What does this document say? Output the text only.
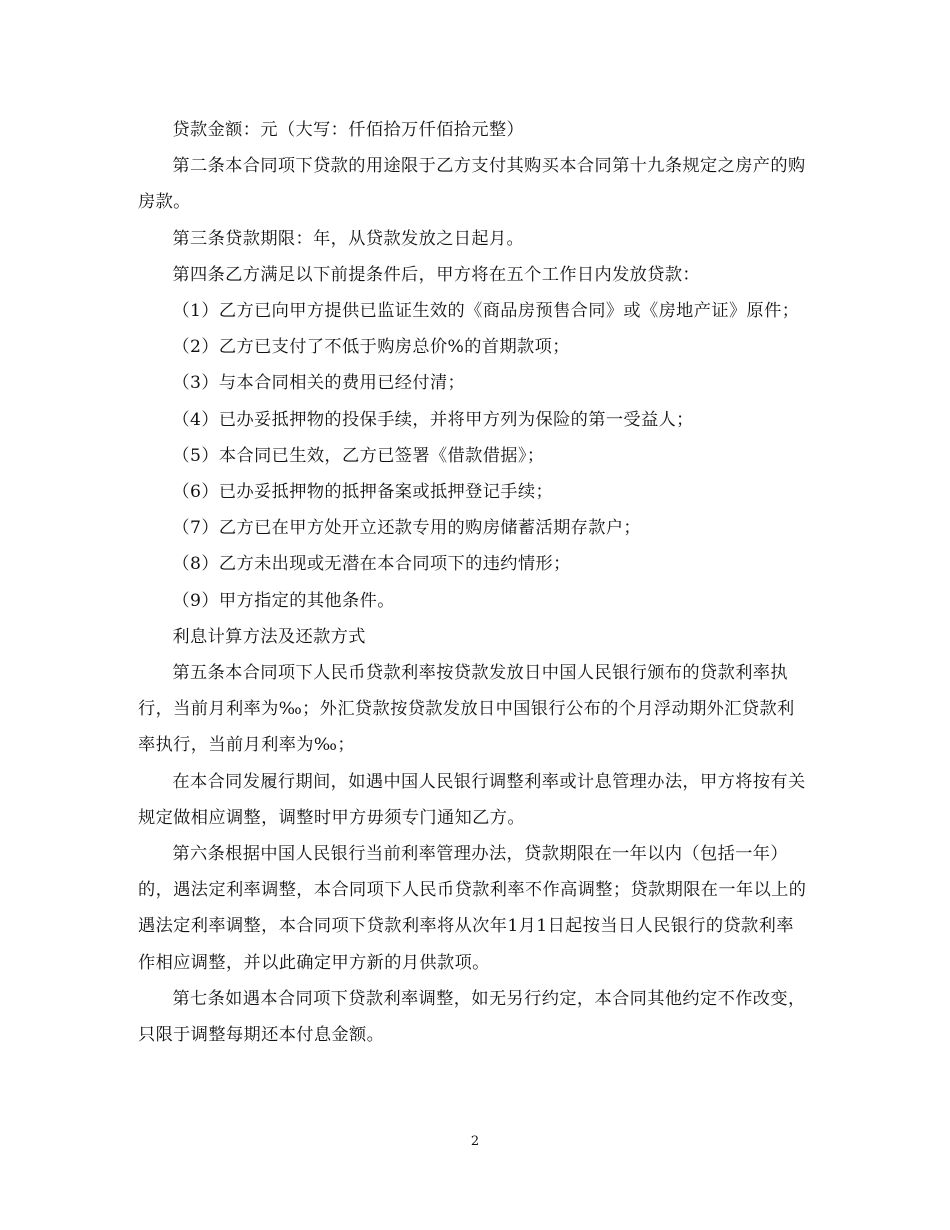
贷款金额：元（大写：仟佰拾万仟佰拾元整）

第二条本合同项下贷款的用途限于乙方支付其购买本合同第十九条规定之房产的购房款。

第三条贷款期限：年，从贷款发放之日起月。

第四条乙方满足以下前提条件后，甲方将在五个工作日内发放贷款：

（1）乙方已向甲方提供已监证生效的《商品房预售合同》或《房地产证》原件；

（2）乙方已支付了不低于购房总价%的首期款项；

（3）与本合同相关的费用已经付清；

（4）已办妥抵押物的投保手续，并将甲方列为保险的第一受益人；

（5）本合同已生效，乙方已签署《借款借据》；

（6）已办妥抵押物的抵押备案或抵押登记手续；

（7）乙方已在甲方处开立还款专用的购房储蓄活期存款户；

（8）乙方未出现或无潜在本合同项下的违约情形；

（9）甲方指定的其他条件。

利息计算方法及还款方式

第五条本合同项下人民币贷款利率按贷款发放日中国人民银行颁布的贷款利率执行，当前月利率为‰；外汇贷款按贷款发放日中国银行公布的个月浮动期外汇贷款利率执行，当前月利率为‰；

在本合同发履行期间，如遇中国人民银行调整利率或计息管理办法，甲方将按有关规定做相应调整，调整时甲方毋须专门通知乙方。

第六条根据中国人民银行当前利率管理办法，贷款期限在一年以内（包括一年）的，遇法定利率调整，本合同项下人民币贷款利率不作高调整；贷款期限在一年以上的遇法定利率调整，本合同项下贷款利率将从次年1月1日起按当日人民银行的贷款利率作相应调整，并以此确定甲方新的月供款项。

第七条如遇本合同项下贷款利率调整，如无另行约定，本合同其他约定不作改变，只限于调整每期还本付息金额。

2
